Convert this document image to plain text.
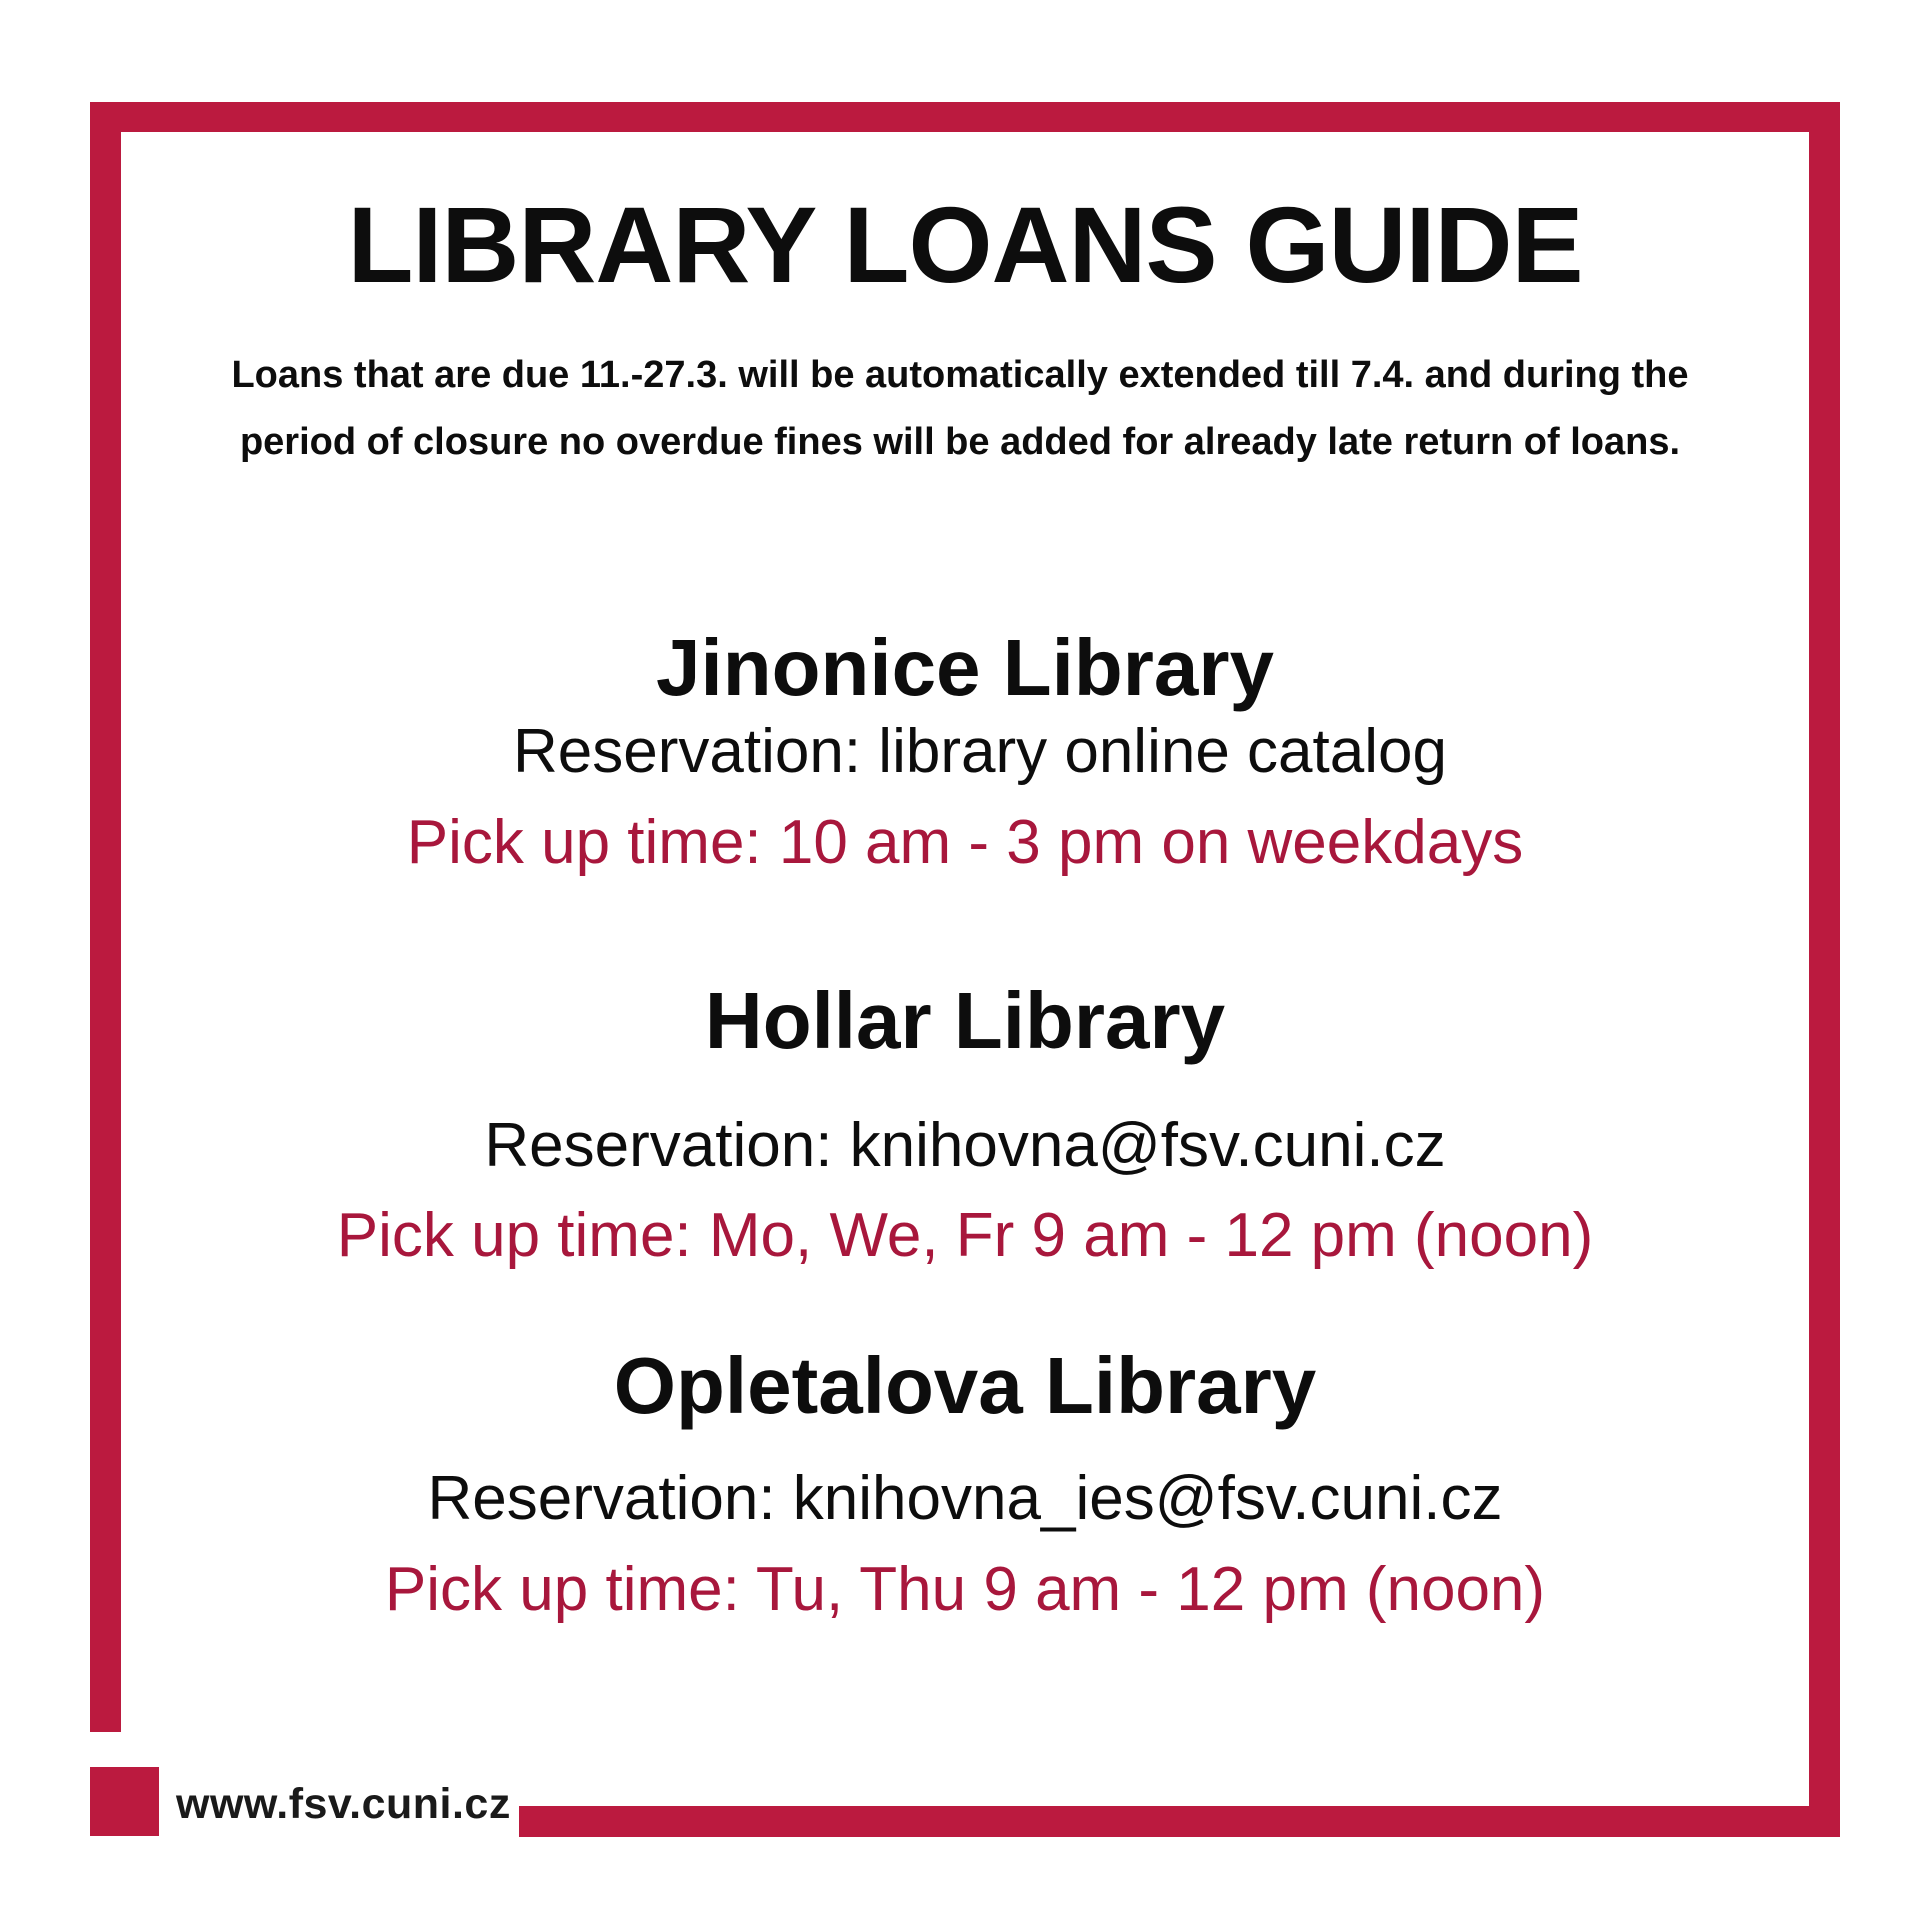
LIBRARY LOANS GUIDE
Loans that are due 11.-27.3. will be automatically extended till 7.4. and during the period of closure no overdue fines will be added for already late return of loans.
Jinonice Library
Reservation: library online catalog
Pick up time: 10 am - 3 pm on weekdays
Hollar Library
Reservation: knihovna@fsv.cuni.cz
Pick up time: Mo, We, Fr 9 am - 12 pm (noon)
Opletalova Library
Reservation: knihovna_ies@fsv.cuni.cz
Pick up time: Tu, Thu 9 am - 12 pm (noon)
www.fsv.cuni.cz
